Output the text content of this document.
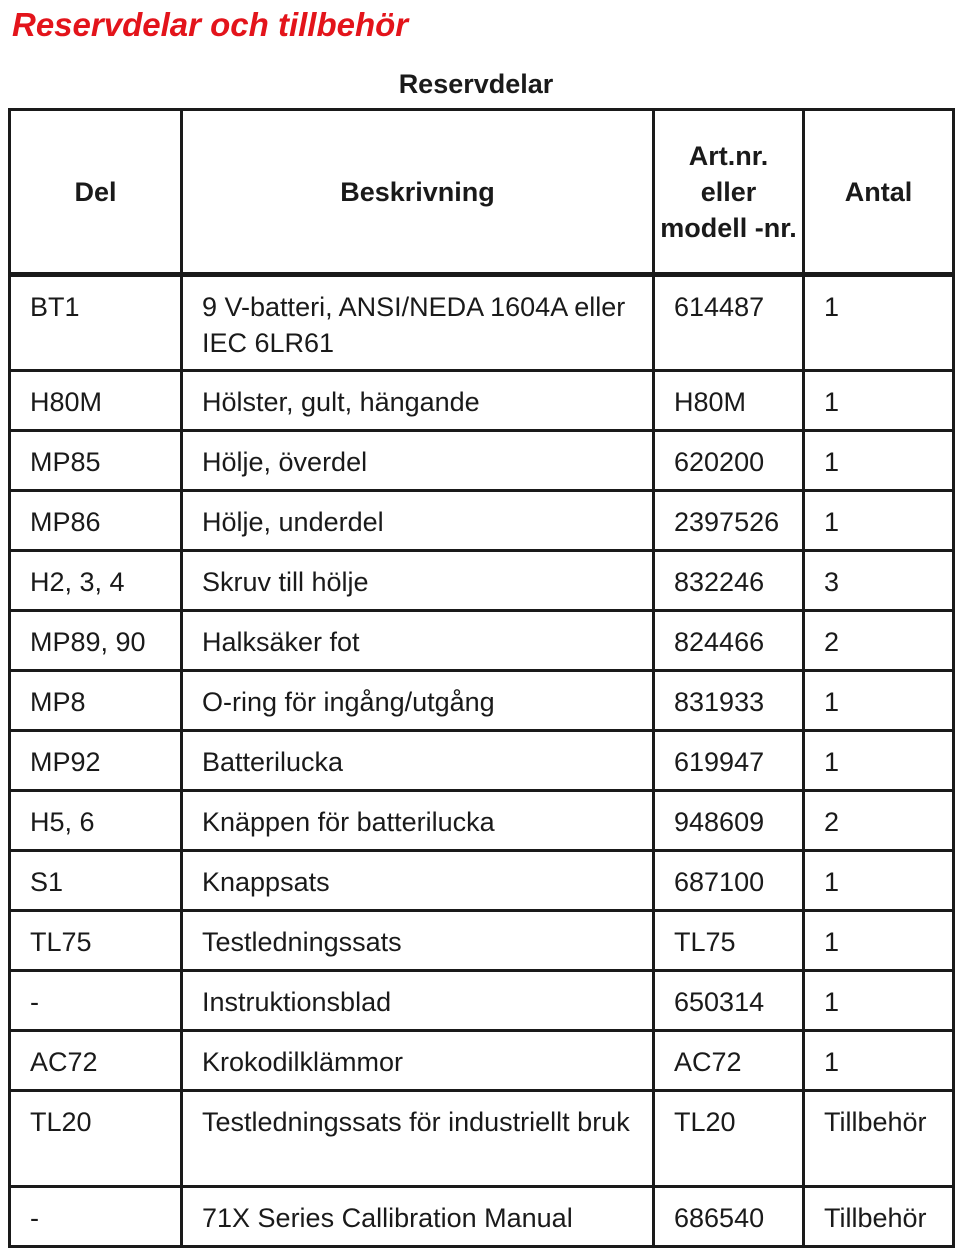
Reservdelar och tillbehör
Reservdelar
Del	Beskrivning	Art.nr. eller modell -nr.	Antal
BT1	9 V-batteri, ANSI/NEDA 1604A eller IEC 6LR61	614487	1
H80M	Hölster, gult, hängande	H80M	1
MP85	Hölje, överdel	620200	1
MP86	Hölje, underdel	2397526	1
H2, 3, 4	Skruv till hölje	832246	3
MP89, 90	Halksäker fot	824466	2
MP8	O-ring för ingång/utgång	831933	1
MP92	Batterilucka	619947	1
H5, 6	Knäppen för batterilucka	948609	2
S1	Knappsats	687100	1
TL75	Testledningssats	TL75	1
-	Instruktionsblad	650314	1
AC72	Krokodilklämmor	AC72	1
TL20	Testledningssats för industriellt bruk	TL20	Tillbehör
-	71X Series Callibration Manual	686540	Tillbehör
